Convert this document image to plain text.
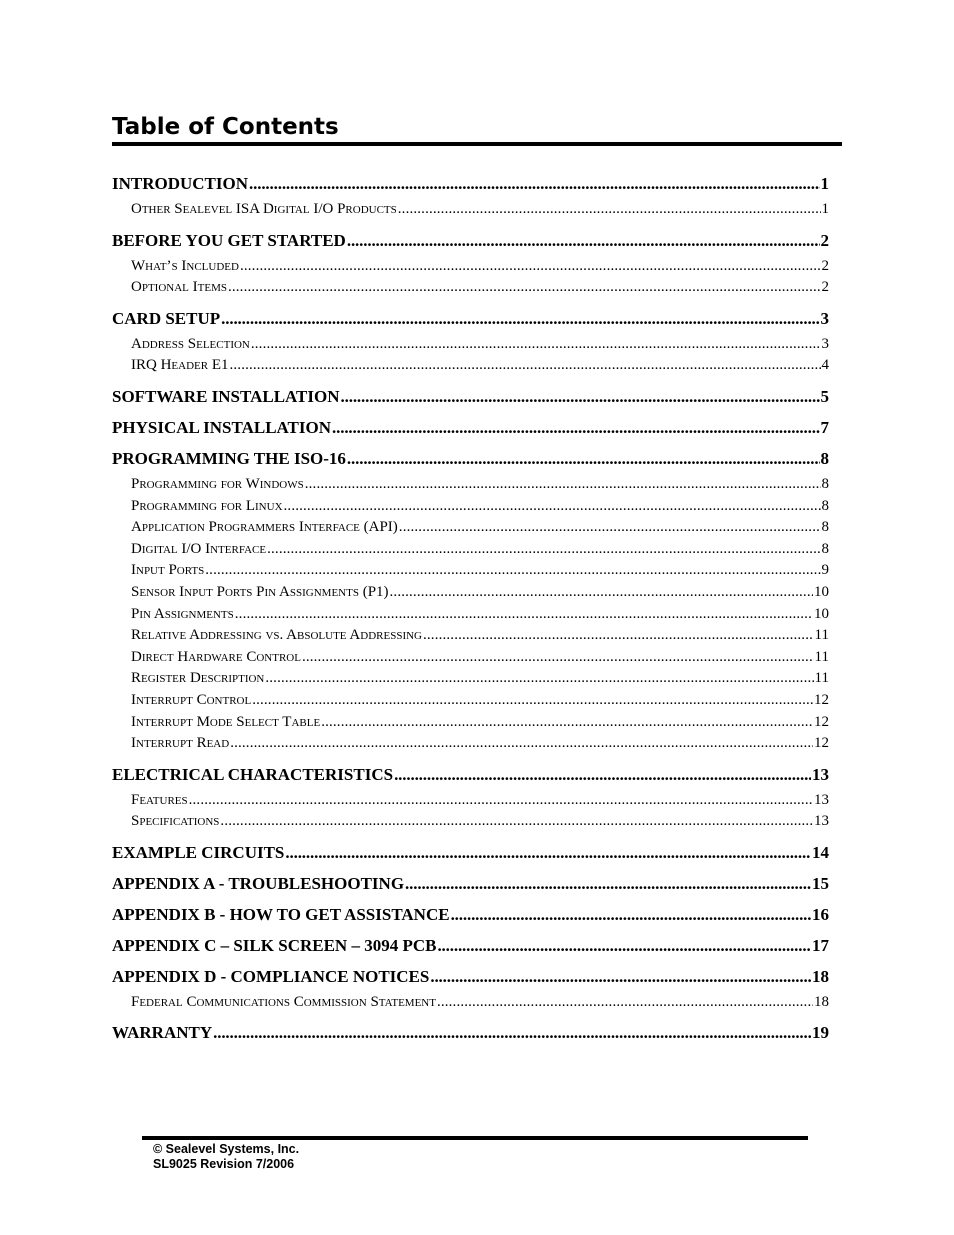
Table of Contents
INTRODUCTION . . .	1
Other Sealevel ISA Digital I/O Products . . .	1
BEFORE YOU GET STARTED . . .	2
What’s Included . . .	2
Optional Items . . .	2
CARD SETUP . . .	3
Address Selection . . .	3
IRQ Header E1 . . .	4
SOFTWARE INSTALLATION . . .	5
PHYSICAL INSTALLATION . . .	7
PROGRAMMING THE ISO-16 . . .	8
Programming for Windows . . .	8
Programming for Linux . . .	8
Application Programmers Interface (API) . . .	8
Digital I/O Interface . . .	8
Input Ports . . .	9
Sensor Input Ports Pin Assignments (P1) . . .	10
Pin Assignments . . .	10
Relative Addressing vs. Absolute Addressing . . .	11
Direct Hardware Control . . .	11
Register Description . . .	11
Interrupt Control . . .	12
Interrupt Mode Select Table . . .	12
Interrupt Read . . .	12
ELECTRICAL CHARACTERISTICS . . .	13
Features . . .	13
Specifications . . .	13
EXAMPLE CIRCUITS . . .	14
APPENDIX A - TROUBLESHOOTING . . .	15
APPENDIX B - HOW TO GET ASSISTANCE . . .	16
APPENDIX C – SILK SCREEN – 3094 PCB . . .	17
APPENDIX D - COMPLIANCE NOTICES . . .	18
Federal Communications Commission Statement . . .	18
WARRANTY . . .	19
© Sealevel Systems, Inc.
SL9025 Revision 7/2006
